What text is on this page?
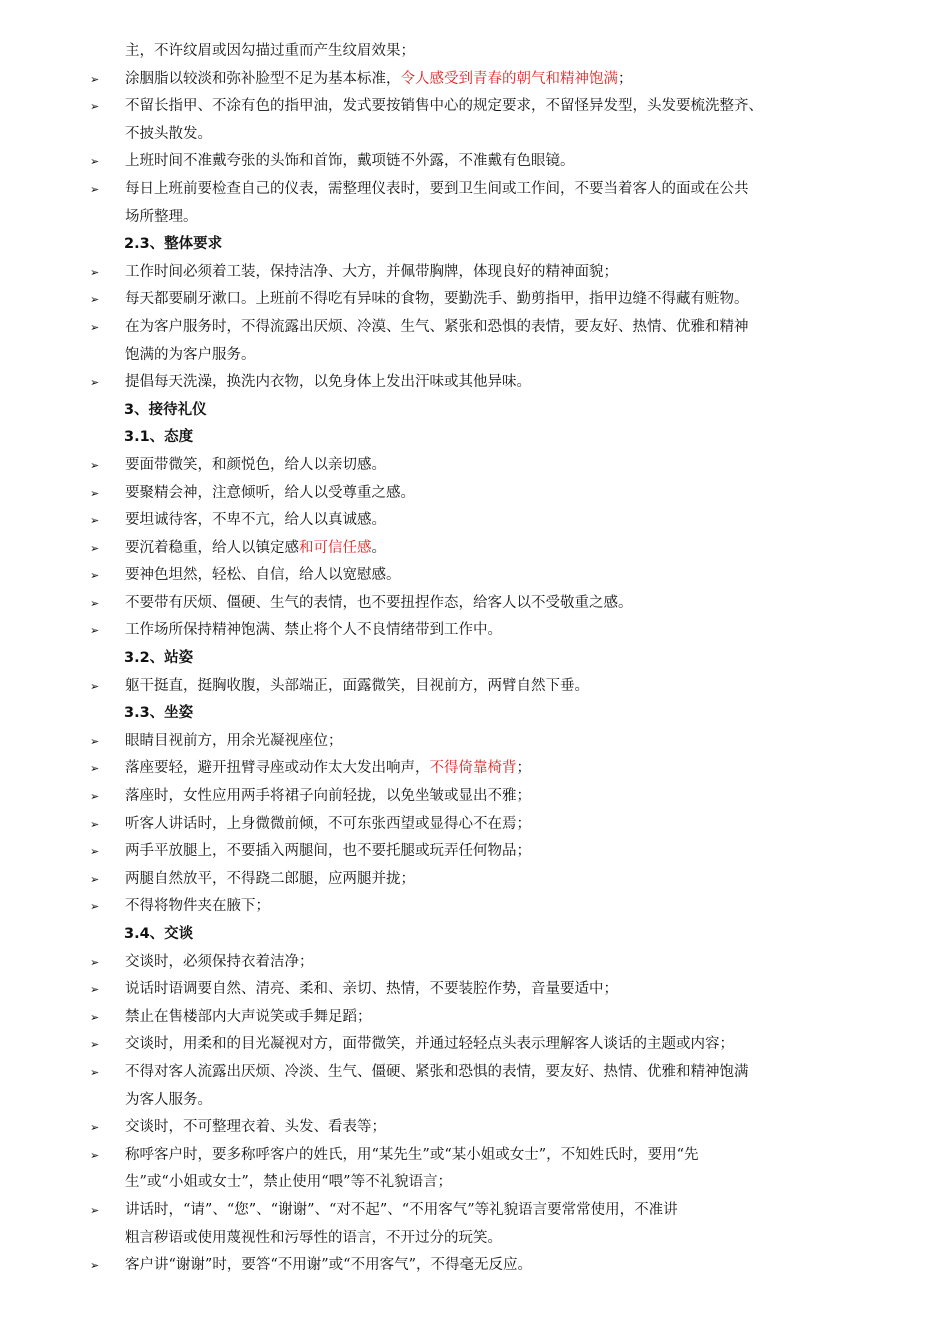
主，不许纹眉或因勾描过重而产生纹眉效果；
➢ 涂胭脂以较淡和弥补脸型不足为基本标准，令人感受到青春的朝气和精神饱满；
➢ 不留长指甲、不涂有色的指甲油，发式要按销售中心的规定要求，不留怪异发型，头发要梳洗整齐、
不披头散发。
➢ 上班时间不准戴夸张的头饰和首饰，戴项链不外露，不准戴有色眼镜。
➢ 每日上班前要检查自己的仪表，需整理仪表时，要到卫生间或工作间，不要当着客人的面或在公共
场所整理。
2.3、整体要求
➢ 工作时间必须着工装，保持洁净、大方，并佩带胸牌，体现良好的精神面貌；
➢ 每天都要刷牙漱口。上班前不得吃有异味的食物，要勤洗手、勤剪指甲，指甲边缝不得藏有赃物。
➢ 在为客户服务时，不得流露出厌烦、冷漠、生气、紧张和恐惧的表情，要友好、热情、优雅和精神
饱满的为客户服务。
➢ 提倡每天洗澡，换洗内衣物，以免身体上发出汗味或其他异味。
3、接待礼仪
3.1、态度
➢ 要面带微笑，和颜悦色，给人以亲切感。
➢ 要聚精会神，注意倾听，给人以受尊重之感。
➢ 要坦诚待客，不卑不亢，给人以真诚感。
➢ 要沉着稳重，给人以镇定感和可信任感。
➢ 要神色坦然，轻松、自信，给人以宽慰感。
➢ 不要带有厌烦、僵硬、生气的表情，也不要扭捏作态，给客人以不受敬重之感。
➢ 工作场所保持精神饱满、禁止将个人不良情绪带到工作中。
3.2、站姿
➢ 躯干挺直，挺胸收腹，头部端正，面露微笑，目视前方，两臂自然下垂。
3.3、坐姿
➢ 眼睛目视前方，用余光凝视座位；
➢ 落座要轻，避开扭臂寻座或动作太大发出响声，不得倚靠椅背；
➢ 落座时，女性应用两手将裙子向前轻拢，以免坐皱或显出不雅；
➢ 听客人讲话时，上身微微前倾，不可东张西望或显得心不在焉；
➢ 两手平放腿上，不要插入两腿间，也不要托腿或玩弄任何物品；
➢ 两腿自然放平，不得跷二郎腿，应两腿并拢；
➢ 不得将物件夹在腋下；
3.4、交谈
➢ 交谈时，必须保持衣着洁净；
➢ 说话时语调要自然、清亮、柔和、亲切、热情，不要装腔作势，音量要适中；
➢ 禁止在售楼部内大声说笑或手舞足蹈；
➢ 交谈时，用柔和的目光凝视对方，面带微笑，并通过轻轻点头表示理解客人谈话的主题或内容；
➢ 不得对客人流露出厌烦、冷淡、生气、僵硬、紧张和恐惧的表情，要友好、热情、优雅和精神饱满
为客人服务。
➢ 交谈时，不可整理衣着、头发、看表等；
➢ 称呼客户时，要多称呼客户的姓氏，用“某先生”或“某小姐或女士”，不知姓氏时，要用“先
生”或“小姐或女士”，禁止使用“喂”等不礼貌语言；
➢ 讲话时，“请”、“您”、“谢谢”、“对不起”、“不用客气”等礼貌语言要常常使用，不准讲
粗言秽语或使用蔑视性和污辱性的语言，不开过分的玩笑。
➢ 客户讲“谢谢”时，要答“不用谢”或“不用客气”，不得毫无反应。
